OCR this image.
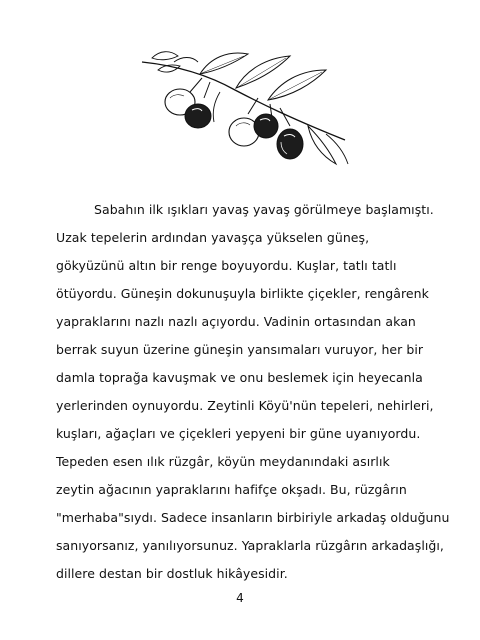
Sabahın ilk ışıkları yavaş yavaş görülmeye başlamıştı.
Uzak tepelerin ardından yavaşça yükselen güneş,
gökyüzünü altın bir renge boyuyordu. Kuşlar, tatlı tatlı
ötüyordu. Güneşin dokunuşuyla birlikte çiçekler, rengârenk
yapraklarını nazlı nazlı açıyordu. Vadinin ortasından akan
berrak suyun üzerine güneşin yansımaları vuruyor, her bir
damla toprağa kavuşmak ve onu beslemek için heyecanla
yerlerinden oynuyordu. Zeytinli Köyü'nün tepeleri, nehirleri,
kuşları, ağaçları ve çiçekleri yepyeni bir güne uyanıyordu.
Tepeden esen ılık rüzgâr, köyün meydanındaki asırlık
zeytin ağacının yapraklarını hafifçe okşadı. Bu, rüzgârın
"merhaba"sıydı. Sadece insanların birbiriyle arkadaş olduğunu
sanıyorsanız, yanılıyorsunuz. Yapraklarla rüzgârın arkadaşlığı,
dillere destan bir dostluk hikâyesidir.
4
